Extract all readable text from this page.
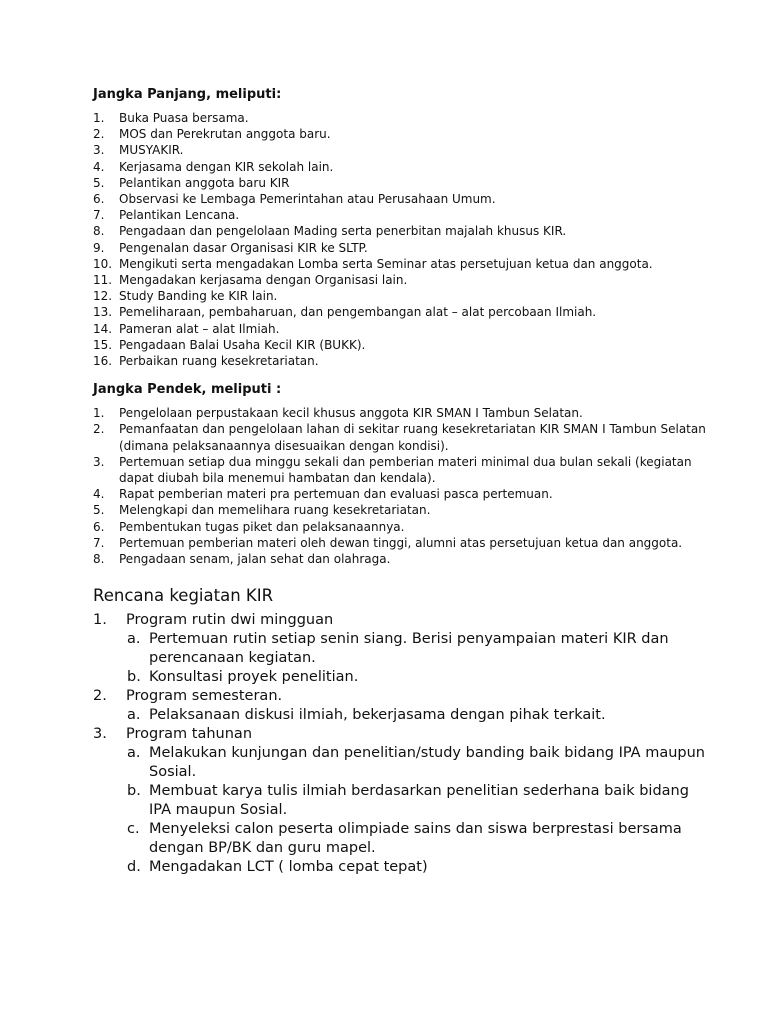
Jangka Panjang, meliputi:
1.	Buka Puasa bersama.
2.	MOS dan Perekrutan anggota baru.
3.	MUSYAKIR.
4.	Kerjasama dengan KIR sekolah lain.
5.	Pelantikan anggota baru KIR
6.	Observasi ke Lembaga Pemerintahan atau Perusahaan Umum.
7.	Pelantikan Lencana.
8.	Pengadaan dan pengelolaan Mading serta penerbitan majalah khusus KIR.
9.	Pengenalan dasar Organisasi KIR ke SLTP.
10. Mengikuti serta mengadakan Lomba serta Seminar atas persetujuan ketua dan anggota.
11. Mengadakan kerjasama dengan Organisasi lain.
12. Study Banding ke KIR lain.
13. Pemeliharaan, pembaharuan, dan pengembangan alat – alat percobaan Ilmiah.
14. Pameran alat – alat Ilmiah.
15. Pengadaan Balai Usaha Kecil KIR (BUKK).
16. Perbaikan ruang kesekretariatan.
Jangka Pendek, meliputi :
1.	Pengelolaan perpustakaan kecil khusus anggota KIR SMAN I Tambun Selatan.
2.	Pemanfaatan dan pengelolaan lahan di sekitar ruang kesekretariatan KIR SMAN I Tambun Selatan (dimana pelaksanaannya disesuaikan dengan kondisi).
3.	Pertemuan setiap dua minggu sekali dan pemberian materi minimal dua bulan sekali (kegiatan dapat diubah bila menemui hambatan dan kendala).
4.	Rapat pemberian materi pra pertemuan dan evaluasi pasca pertemuan.
5.	Melengkapi dan memelihara ruang kesekretariatan.
6.	Pembentukan tugas piket dan pelaksanaannya.
7.	Pertemuan pemberian materi oleh dewan tinggi, alumni atas persetujuan ketua dan anggota.
8.	Pengadaan senam, jalan sehat dan olahraga.
Rencana kegiatan KIR
1.	Program rutin dwi mingguan
a. Pertemuan rutin setiap senin siang. Berisi penyampaian materi KIR dan perencanaan kegiatan.
b. Konsultasi proyek penelitian.
2.	Program semesteran.
a. Pelaksanaan diskusi ilmiah, bekerjasama dengan pihak terkait.
3.	Program tahunan
a. Melakukan kunjungan dan penelitian/study banding baik bidang IPA maupun Sosial.
b. Membuat karya tulis ilmiah berdasarkan penelitian sederhana baik bidang IPA maupun Sosial.
c. Menyeleksi calon peserta olimpiade sains dan siswa berprestasi bersama dengan BP/BK dan guru mapel.
d. Mengadakan LCT ( lomba cepat tepat)
